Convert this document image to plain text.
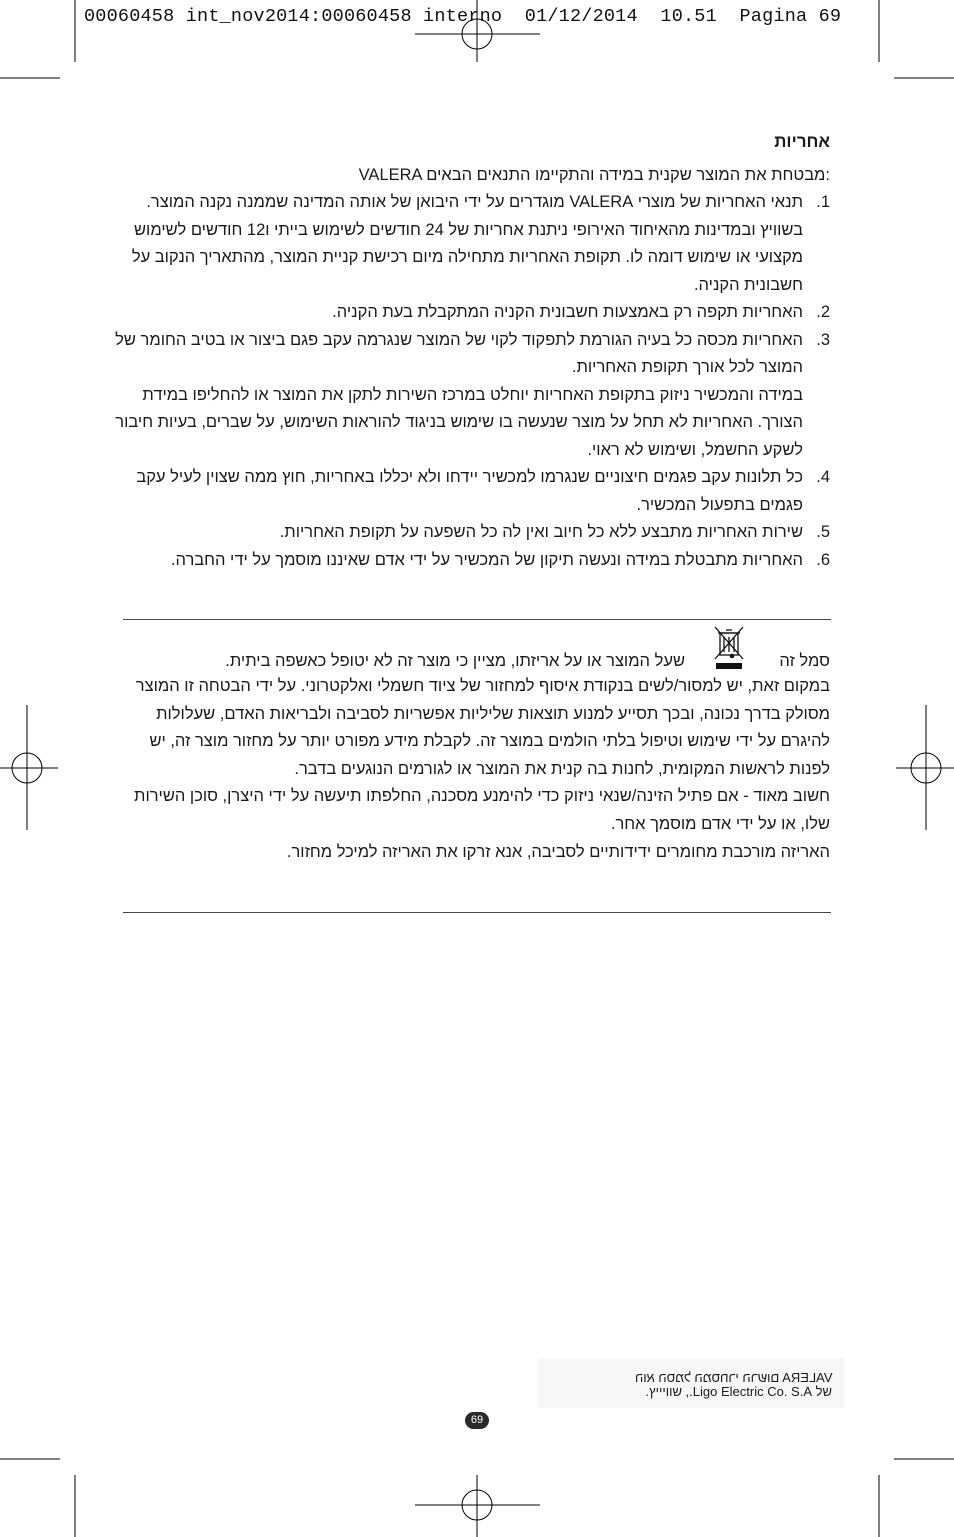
00060458 int_nov2014:00060458 interno  01/12/2014  10.51  Pagina 69
אחריות
VALERA מבטחת את המוצר שקנית במידה והתקיימו התנאים הבאים:
1.
תנאי האחריות של מוצרי VALERA מוגדרים על ידי היבואן של אותה המדינה שממנה נקנה המוצר. בשוויץ ובמדינות מהאיחוד האירופי ניתנת אחריות של 24 חודשים לשימוש בייתי ו12 חודשים לשימוש מקצועי או שימוש דומה לו. תקופת האחריות מתחילה מיום רכישת קניית המוצר, מהתאריך הנקוב על חשבונית הקניה.
2.
האחריות תקפה רק באמצעות חשבונית הקניה המתקבלת בעת הקניה.
3.
האחריות מכסה כל בעיה הגורמת לתפקוד לקוי של המוצר שנגרמה עקב פגם ביצור או בטיב החומר של המוצר לכל אורך תקופת האחריות.
במידה והמכשיר ניזוק בתקופת האחריות יוחלט במרכז השירות לתקן את המוצר או להחליפו במידת הצורך. האחריות לא תחל על מוצר שנעשה בו שימוש בניגוד להוראות השימוש, על שברים, בעיות חיבור לשקע החשמל, ושימוש לא ראוי.
4.
כל תלונות עקב פגמים חיצוניים שנגרמו למכשיר יידחו ולא יכללו באחריות, חוץ ממה שצוין לעיל עקב פגמים בתפעול המכשיר.
5.
שירות האחריות מתבצע ללא כל חיוב ואין לה כל השפעה על תקופת האחריות.
6.
האחריות מתבטלת במידה ונעשה תיקון של המכשיר על ידי אדם שאיננו מוסמך על ידי החברה.
סמל זה
שעל המוצר או על אריזתו, מציין כי מוצר זה לא יטופל כאשפה ביתית.

במקום זאת, יש למסור/לשים בנקודת איסוף למחזור של ציוד חשמלי ואלקטרוני. על ידי הבטחה זו המוצר מסולק בדרך נכונה, ובכך תסייע למנוע תוצאות שליליות אפשריות לסביבה ולבריאות האדם, שעלולות להיגרם על ידי שימוש וטיפול בלתי הולמים במוצר זה. לקבלת מידע מפורט יותר על מחזור מוצר זה, יש לפנות לראשות המקומית, לחנות בה קנית את המוצר או לגורמים הנוגעים בדבר.

חשוב מאוד - אם פתיל הזינה/שנאי ניזוק כדי להימנע מסכנה, החלפתו תיעשה על ידי היצרן, סוכן השירות שלו, או על ידי אדם מוסמך אחר.

האריזה מורכבת מחומרים ידידותיים לסביבה, אנא זרקו את האריזה למיכל מחזור.

VALERA הוא הסמל המסחרי הרשום
של Ligo Electric Co. S.A., שוויייץ.
69
